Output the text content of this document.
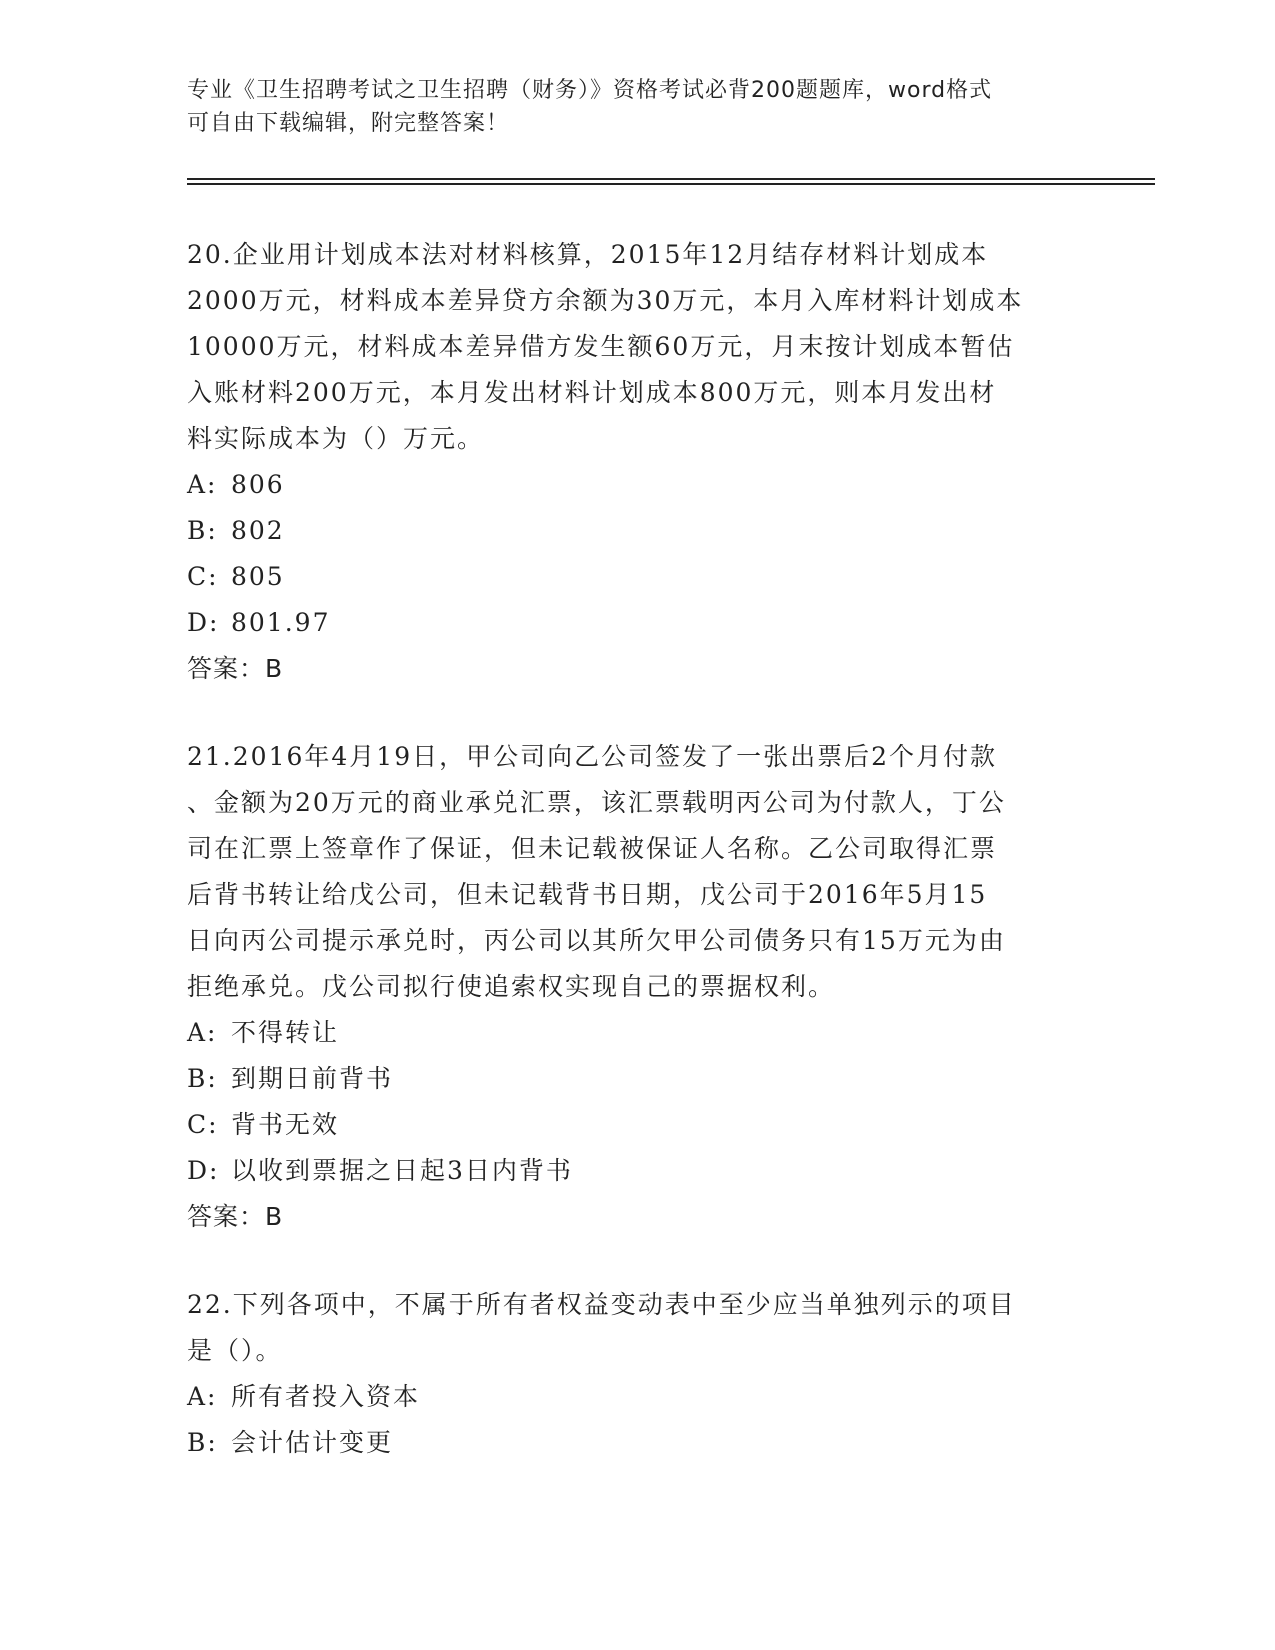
专业《卫生招聘考试之卫生招聘（财务）》资格考试必背200题题库，word格式
可自由下载编辑，附完整答案！

20.企业用计划成本法对材料核算，2015年12月结存材料计划成本
2000万元，材料成本差异贷方余额为30万元，本月入库材料计划成本
10000万元，材料成本差异借方发生额60万元，月末按计划成本暂估
入账材料200万元，本月发出材料计划成本800万元，则本月发出材
料实际成本为（）万元。

A: 806

B: 802

C: 805

D: 801.97

答案：B

21.2016年4月19日，甲公司向乙公司签发了一张出票后2个月付款
、金额为20万元的商业承兑汇票，该汇票载明丙公司为付款人，丁公
司在汇票上签章作了保证，但未记载被保证人名称。乙公司取得汇票
后背书转让给戊公司，但未记载背书日期，戊公司于2016年5月15
日向丙公司提示承兑时，丙公司以其所欠甲公司债务只有15万元为由
拒绝承兑。戊公司拟行使追索权实现自己的票据权利。

A: 不得转让

B: 到期日前背书

C: 背书无效

D: 以收到票据之日起3日内背书

答案：B

22.下列各项中，不属于所有者权益变动表中至少应当单独列示的项目
是（）。

A: 所有者投入资本

B: 会计估计变更
